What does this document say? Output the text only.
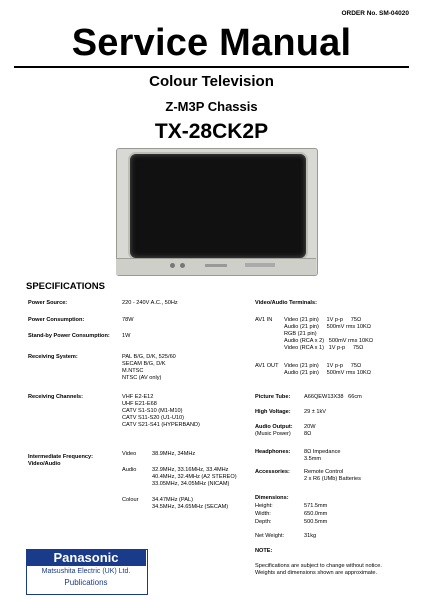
ORDER No. SM-04020
Service Manual
Colour Television
Z-M3P Chassis
TX-28CK2P
SPECIFICATIONS
Power Source:	220 - 240V A.C., 50Hz
Power Consumption:	78W
Stand-by Power Consumption: 1W
Receiving System:	PAL B/G, D/K, 525/60
SECAM B/G, D/K
M.NTSC
NTSC (AV only)
Receiving Channels:	VHF E2-E12
UHF E21-E68
CATV S1-S10 (M1-M10)
CATV S11-S20 (U1-U10)
CATV S21-S41 (HYPERBAND)
Intermediate Frequency:
Video/Audio
Video	38.9MHz, 34MHz
Audio	32.9MHz, 33.16MHz, 33.4MHz
40.4MHz, 32.4MHz (A2 STEREO)
33.05MHz, 34.05MHz (NICAM)
Colour 34.47MHz (PAL)
34.5MHz, 34.65MHz (SECAM)
Video/Audio Terminals:
AV1 IN Video (21 pin)     1V p-p     75Ω
Audio (21 pin)     500mV rms 10KΩ
RGB (21 pin)
Audio (RCA x 2)   500mV rms 10KΩ
Video (RCA x 1)   1V p-p     75Ω
AV1 OUT Video (21 pin)     1V p-p     75Ω
Audio (21 pin)     500mV rms 10KΩ
Picture Tube: A66QEW13X38   66cm
High Voltage: 29 ± 1kV
Audio Output: 20W
(Music Power) 8Ω
Headphones: 8Ω Impedance
3.5mm
Accessories:	Remote Control
2 x R6 (UMb) Batteries
Dimensions:
Height:	571.5mm
Width:	650.0mm
Depth:	500.5mm
Net Weight:	31kg
NOTE:
Specifications are subject to change without notice.
Weights and dimensions shown are approximate.
Panasonic
Matsushita Electric (UK) Ltd.
Publications
